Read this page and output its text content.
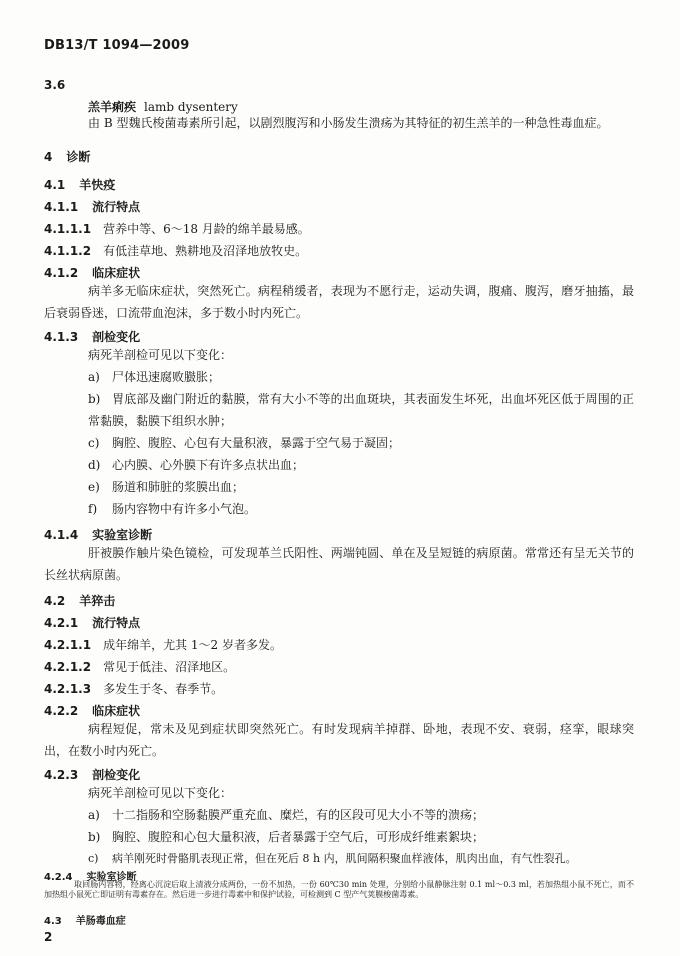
DB13/T 1094—2009
3.6
羔羊痢疾 lamb dysentery
由 B 型魏氏梭菌毒素所引起，以剧烈腹泻和小肠发生溃疡为其特征的初生羔羊的一种急性毒血症。
4 诊断
4.1 羊快疫
4.1.1 流行特点
4.1.1.1 营养中等、6～18 月龄的绵羊最易感。
4.1.1.2 有低洼草地、熟耕地及沼泽地放牧史。
4.1.2 临床症状
病羊多无临床症状，突然死亡。病程稍缓者，表现为不愿行走，运动失调，腹痛、腹泻，磨牙抽搐，最后衰弱昏迷，口流带血泡沫，多于数小时内死亡。
4.1.3 剖检变化
病死羊剖检可见以下变化：
a) 尸体迅速腐败臌胀；
b) 胃底部及幽门附近的黏膜，常有大小不等的出血斑块，其表面发生坏死，出血坏死区低于周围的正常黏膜，黏膜下组织水肿；
c) 胸腔、腹腔、心包有大量积液，暴露于空气易于凝固；
d) 心内膜、心外膜下有许多点状出血；
e) 肠道和肺脏的浆膜出血；
f) 肠内容物中有许多小气泡。
4.1.4 实验室诊断
肝被膜作触片染色镜检，可发现革兰氏阳性、两端钝圆、单在及呈短链的病原菌。常常还有呈无关节的长丝状病原菌。
4.2 羊猝击
4.2.1 流行特点
4.2.1.1 成年绵羊，尤其 1～2 岁者多发。
4.2.1.2 常见于低洼、沼泽地区。
4.2.1.3 多发生于冬、春季节。
4.2.2 临床症状
病程短促，常未及见到症状即突然死亡。有时发现病羊掉群、卧地，表现不安、衰弱，痉挛，眼球突出，在数小时内死亡。
4.2.3 剖检变化
病死羊剖检可见以下变化：
a) 十二指肠和空肠黏膜严重充血、糜烂，有的区段可见大小不等的溃疡；
b) 胸腔、腹腔和心包大量积液，后者暴露于空气后，可形成纤维素絮块；
c) 病羊刚死时骨骼肌表现正常，但在死后 8 h 内，肌间隔积聚血样液体，肌肉出血，有气性裂孔。
4.2.4 实验室诊断
取回肠内容物，经离心沉淀后取上清液分成两份，一份不加热，一份 60℃30 min 处理，分别给小鼠静脉注射 0.1 ml～0.3 ml，若加热组小鼠不死亡，而不加热组小鼠死亡即证明有毒素存在。然后进一步进行毒素中和保护试验，可检测到 C 型产气荚膜梭菌毒素。
4.3 羊肠毒血症
2
